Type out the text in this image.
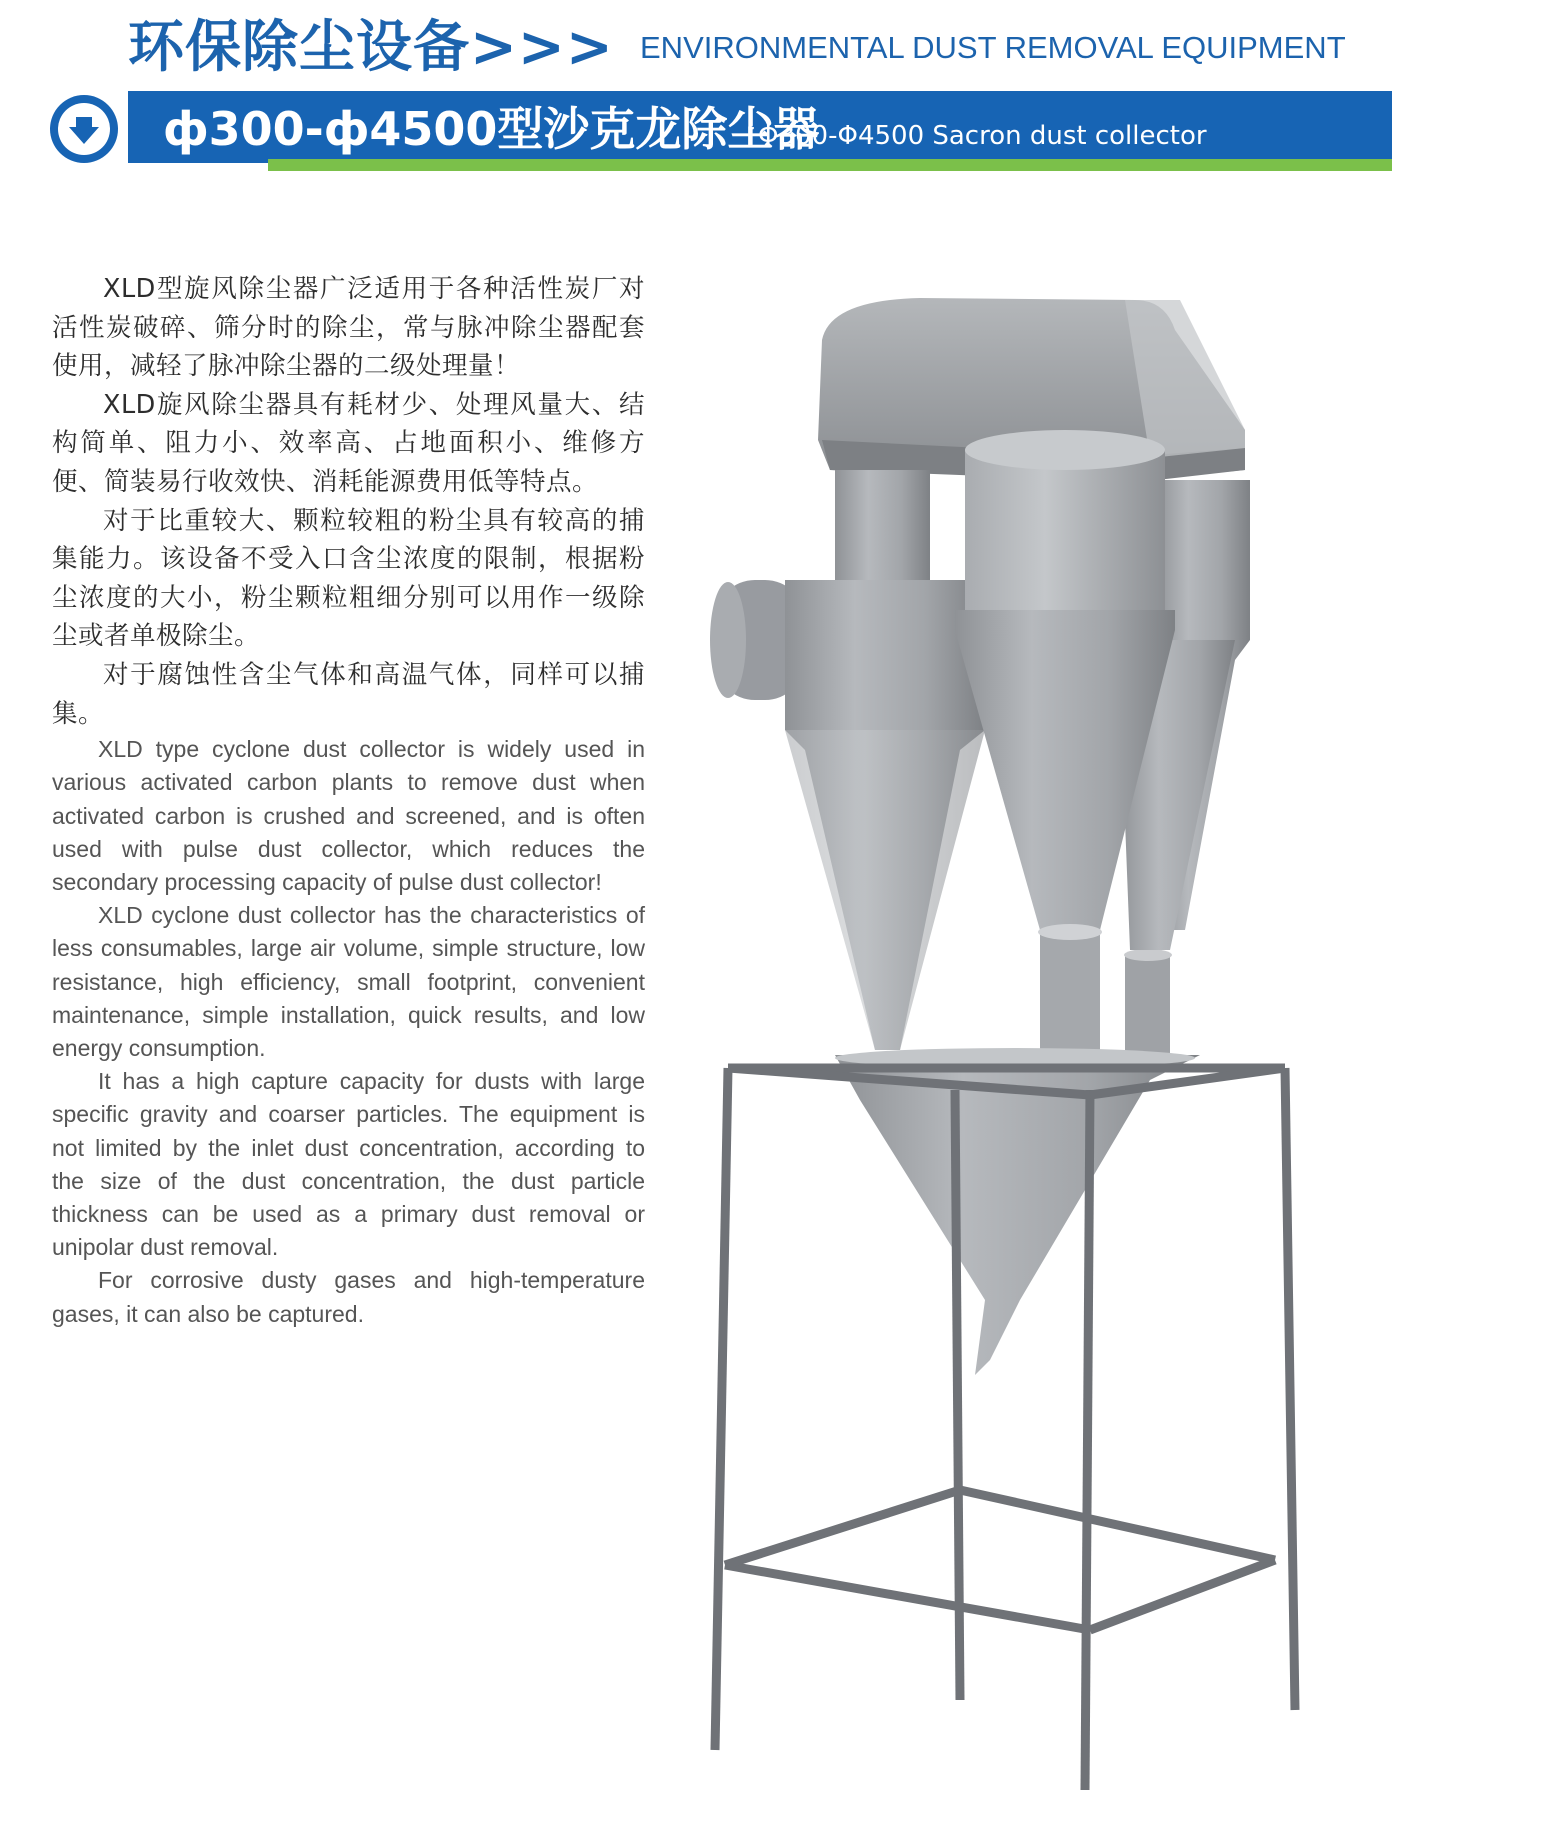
环保除尘设备>>> ENVIRONMENTAL DUST REMOVAL EQUIPMENT
ф300-ф4500型沙克龙除尘器
Φ300-Φ4500 Sacron dust collector

XLD型旋风除尘器广泛适用于各种活性炭厂对活性炭破碎、筛分时的除尘，常与脉冲除尘器配套使用，减轻了脉冲除尘器的二级处理量！

XLD旋风除尘器具有耗材少、处理风量大、结构简单、阻力小、效率高、占地面积小、维修方便、简装易行收效快、消耗能源费用低等特点。

对于比重较大、颗粒较粗的粉尘具有较高的捕集能力。该设备不受入口含尘浓度的限制，根据粉尘浓度的大小，粉尘颗粒粗细分别可以用作一级除尘或者单极除尘。

对于腐蚀性含尘气体和高温气体，同样可以捕集。

XLD type cyclone dust collector is widely used in various activated carbon plants to remove dust when activated carbon is crushed and screened, and is often used with pulse dust collector, which reduces the secondary processing capacity of pulse dust collector!

XLD cyclone dust collector has the characteristics of less consumables, large air volume, simple structure, low resistance, high efficiency, small footprint, convenient maintenance, simple installation, quick results, and low energy consumption.

It has a high capture capacity for dusts with large specific gravity and coarser particles. The equipment is not limited by the inlet dust concentration, according to the size of the dust concentration, the dust particle thickness can be used as a primary dust removal or unipolar dust removal.

For corrosive dusty gases and high-temperature gases, it can also be captured.
